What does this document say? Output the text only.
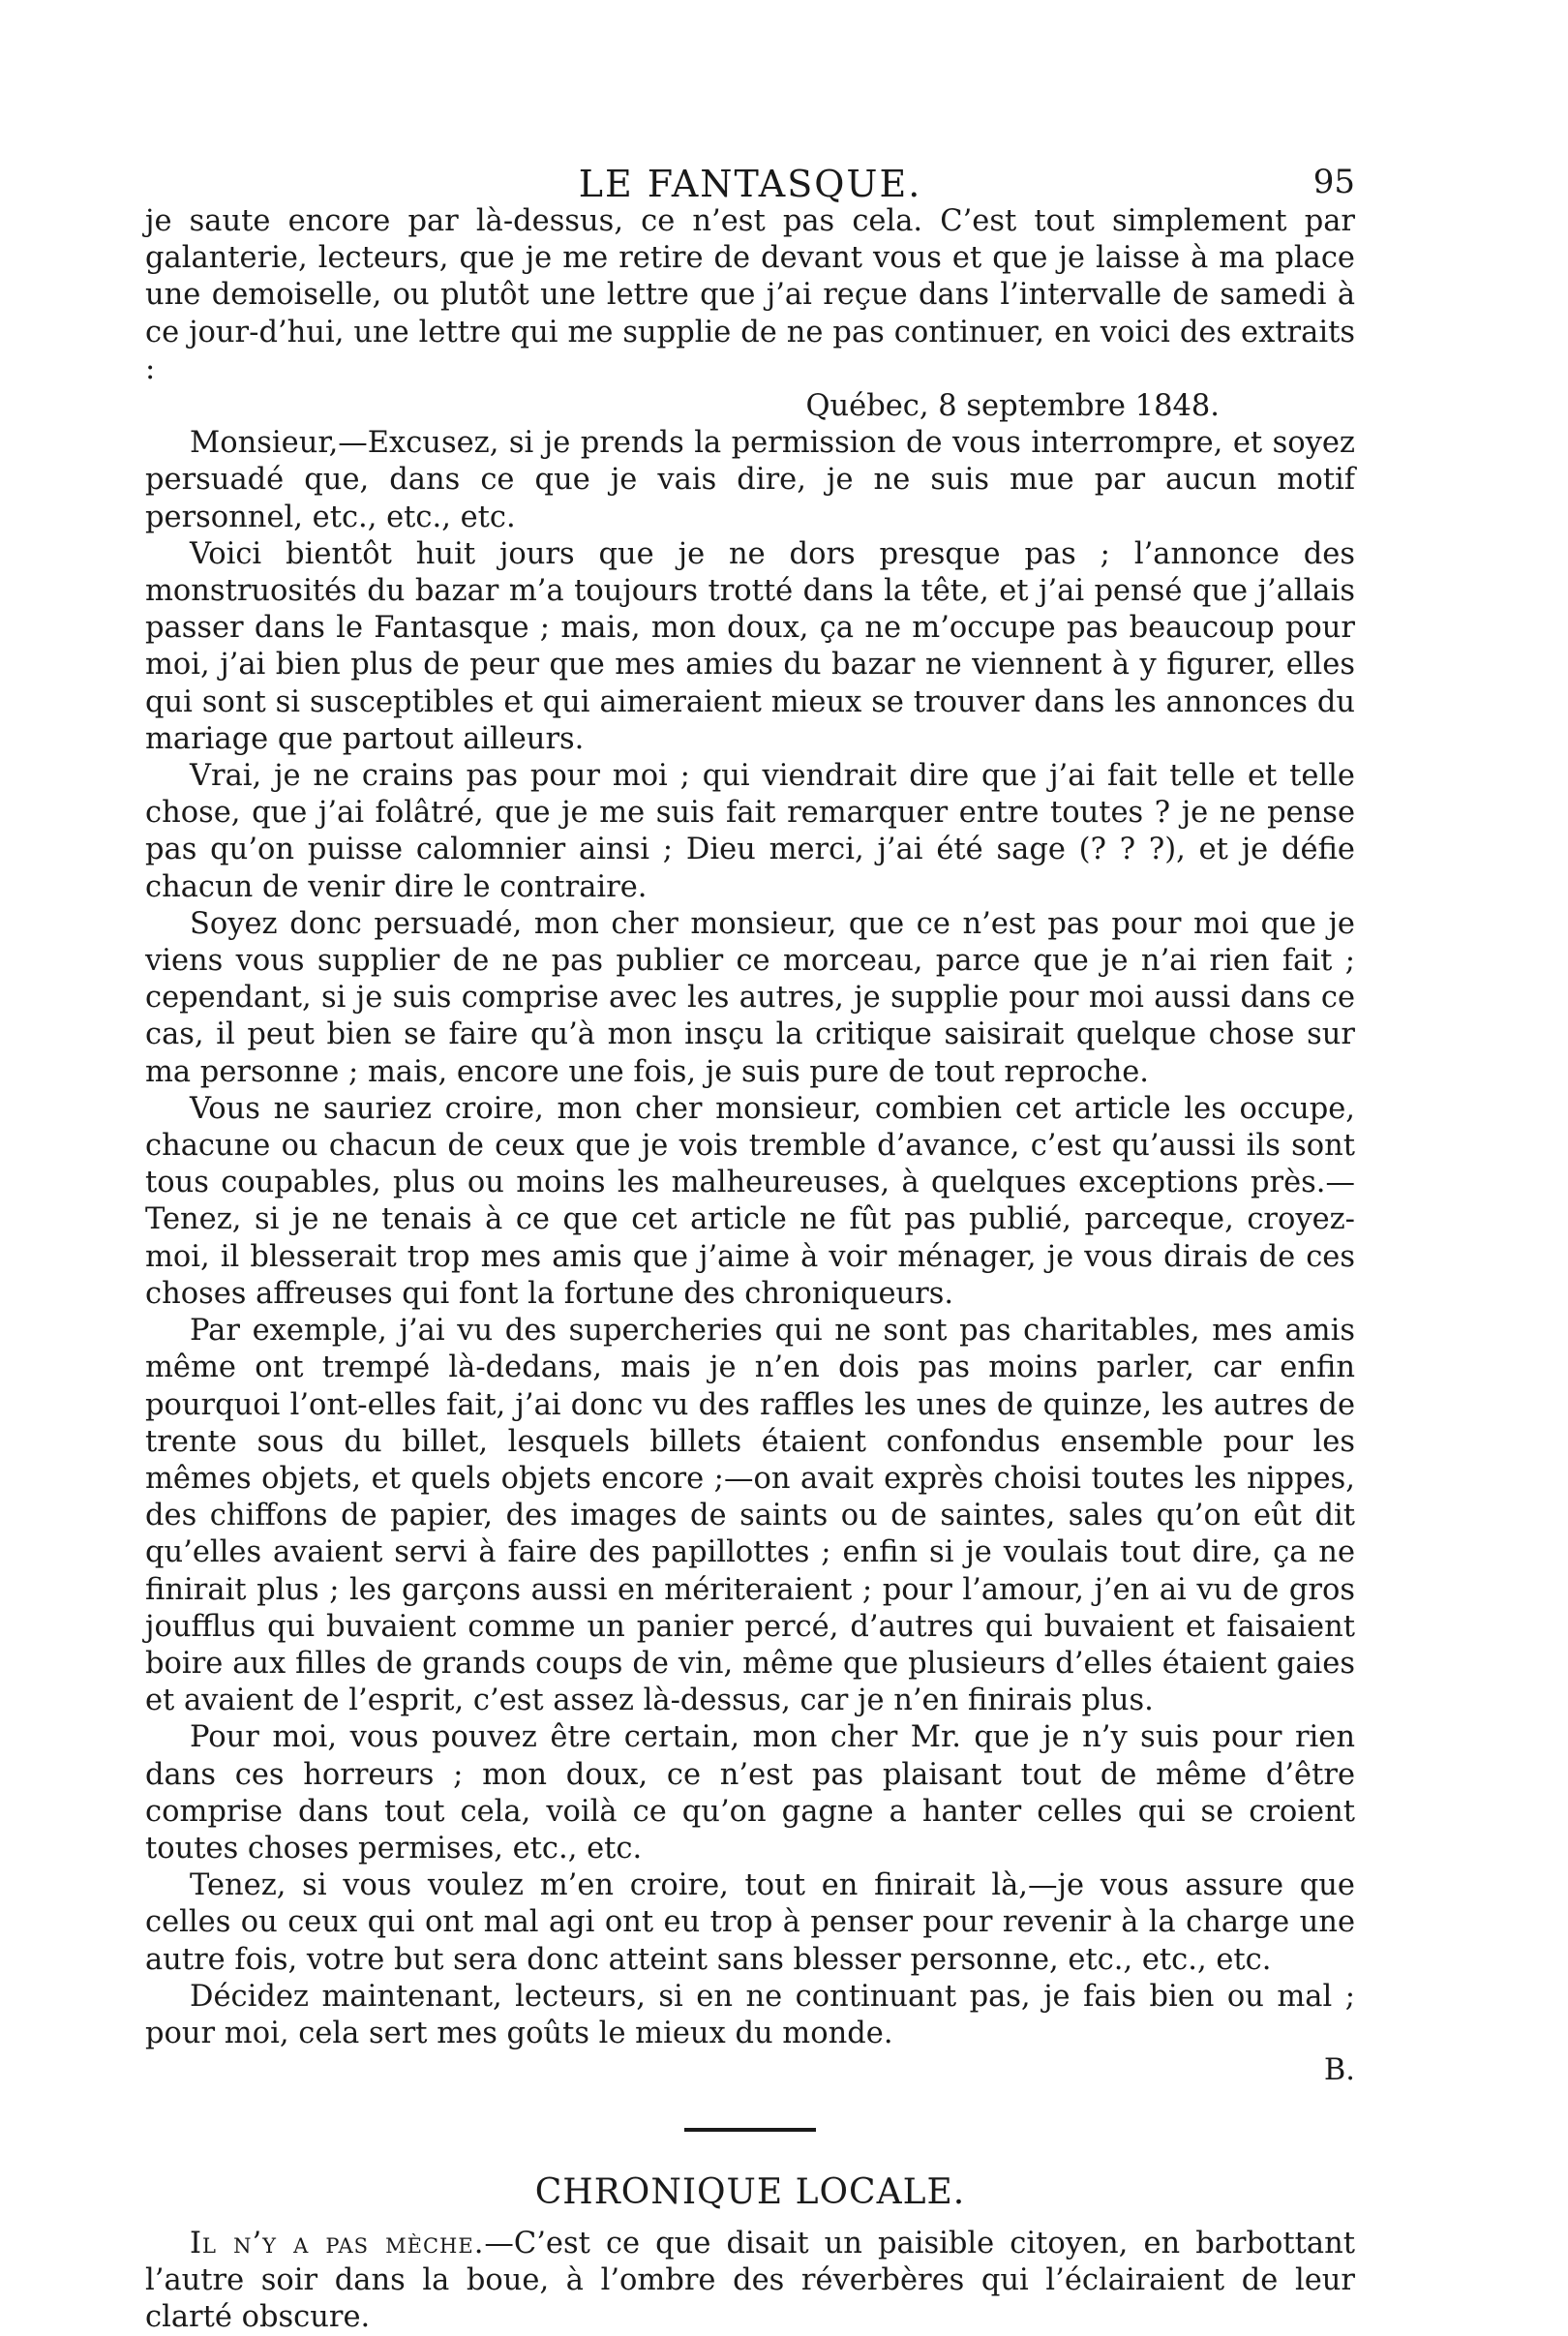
LE FANTASQUE.	95

je saute encore par là-dessus, ce n’est pas cela. C’est tout simplement par galanterie, lecteurs, que je me retire de devant vous et que je laisse à ma place une demoiselle, ou plutôt une lettre que j’ai reçue dans l’intervalle de samedi à ce jour-d’hui, une lettre qui me supplie de ne pas continuer, en voici des extraits :

Québec, 8 septembre 1848.

Monsieur,—Excusez, si je prends la permission de vous interrompre, et soyez persuadé que, dans ce que je vais dire, je ne suis mue par aucun motif personnel, etc., etc., etc.

Voici bientôt huit jours que je ne dors presque pas ; l’annonce des monstruosités du bazar m’a toujours trotté dans la tête, et j’ai pensé que j’allais passer dans le Fantasque ; mais, mon doux, ça ne m’occupe pas beaucoup pour moi, j’ai bien plus de peur que mes amies du bazar ne viennent à y figurer, elles qui sont si susceptibles et qui aimeraient mieux se trouver dans les annonces du mariage que partout ailleurs.

Vrai, je ne crains pas pour moi ; qui viendrait dire que j’ai fait telle et telle chose, que j’ai folâtré, que je me suis fait remarquer entre toutes ? je ne pense pas qu’on puisse calomnier ainsi ; Dieu merci, j’ai été sage (? ? ?), et je défie chacun de venir dire le contraire.

Soyez donc persuadé, mon cher monsieur, que ce n’est pas pour moi que je viens vous supplier de ne pas publier ce morceau, parce que je n’ai rien fait ; cependant, si je suis comprise avec les autres, je supplie pour moi aussi dans ce cas, il peut bien se faire qu’à mon insçu la critique saisirait quelque chose sur ma personne ; mais, encore une fois, je suis pure de tout reproche.

Vous ne sauriez croire, mon cher monsieur, combien cet article les occupe, chacune ou chacun de ceux que je vois tremble d’avance, c’est qu’aussi ils sont tous coupables, plus ou moins les malheureuses, à quelques exceptions près.—Tenez, si je ne tenais à ce que cet article ne fût pas publié, parceque, croyez-moi, il blesserait trop mes amis que j’aime à voir ménager, je vous dirais de ces choses affreuses qui font la fortune des chroniqueurs.

Par exemple, j’ai vu des supercheries qui ne sont pas charitables, mes amis même ont trempé là-dedans, mais je n’en dois pas moins parler, car enfin pourquoi l’ont-elles fait, j’ai donc vu des raffles les unes de quinze, les autres de trente sous du billet, lesquels billets étaient confondus ensemble pour les mêmes objets, et quels objets encore ;—on avait exprès choisi toutes les nippes, des chiffons de papier, des images de saints ou de saintes, sales qu’on eût dit qu’elles avaient servi à faire des papillottes ; enfin si je voulais tout dire, ça ne finirait plus ; les garçons aussi en mériteraient ; pour l’amour, j’en ai vu de gros joufflus qui buvaient comme un panier percé, d’autres qui buvaient et faisaient boire aux filles de grands coups de vin, même que plusieurs d’elles étaient gaies et avaient de l’esprit, c’est assez là-dessus, car je n’en finirais plus.

Pour moi, vous pouvez être certain, mon cher Mr. que je n’y suis pour rien dans ces horreurs ; mon doux, ce n’est pas plaisant tout de même d’être comprise dans tout cela, voilà ce qu’on gagne a hanter celles qui se croient toutes choses permises, etc., etc.

Tenez, si vous voulez m’en croire, tout en finirait là,—je vous assure que celles ou ceux qui ont mal agi ont eu trop à penser pour revenir à la charge une autre fois, votre but sera donc atteint sans blesser personne, etc., etc., etc.

Décidez maintenant, lecteurs, si en ne continuant pas, je fais bien ou mal ; pour moi, cela sert mes goûts le mieux du monde.

B.

CHRONIQUE LOCALE.

Il n’y a pas mèche.—C’est ce que disait un paisible citoyen, en barbottant l’autre soir dans la boue, à l’ombre des réverbères qui l’éclairaient de leur clarté obscure.
